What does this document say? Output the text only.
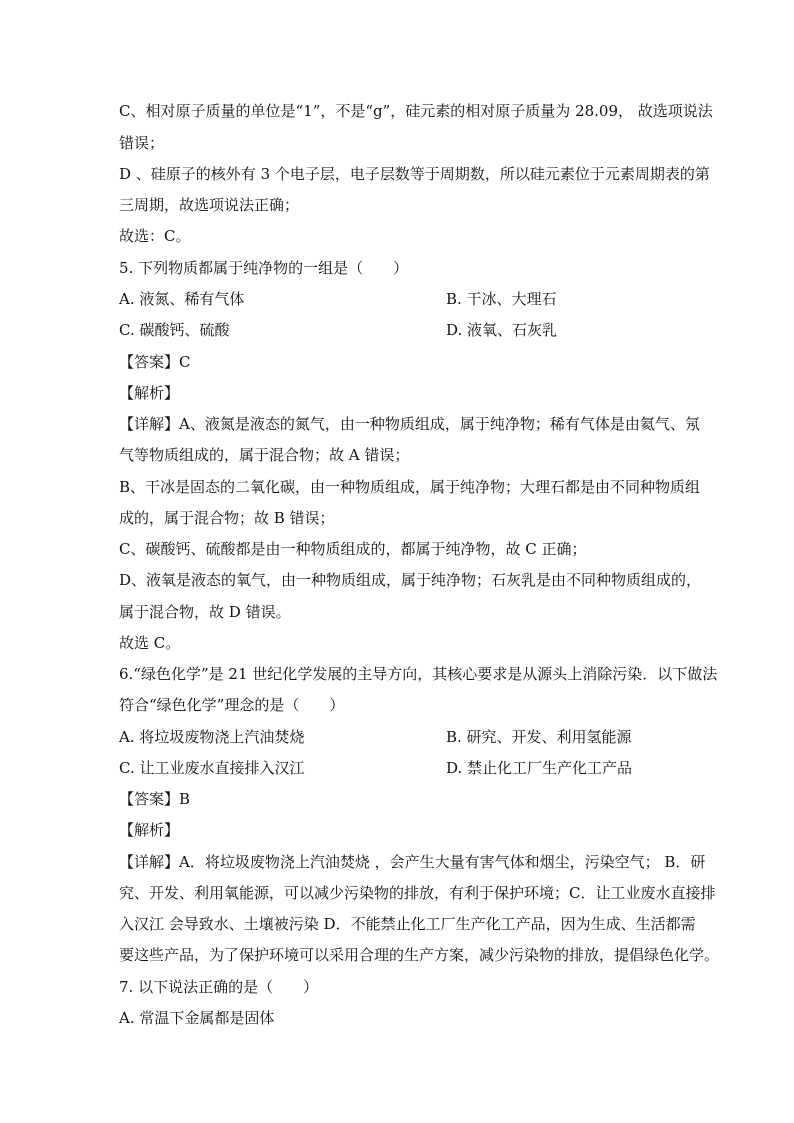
C、相对原子质量的单位是“1”，不是“g”，硅元素的相对原子质量为 28.09， 故选项说法
错误；
D 、硅原子的核外有 3 个电子层，电子层数等于周期数，所以硅元素位于元素周期表的第
三周期，故选项说法正确；
故选：C。
5. 下列物质都属于纯净物的一组是（　　）
A. 液氮、稀有气体	B. 干冰、大理石
C. 碳酸钙、硫酸	D. 液氧、石灰乳
【答案】C
【解析】
【详解】A、液氮是液态的氮气，由一种物质组成，属于纯净物；稀有气体是由氦气、氖
气等物质组成的，属于混合物；故 A 错误；
B、干冰是固态的二氧化碳，由一种物质组成，属于纯净物；大理石都是由不同种物质组
成的，属于混合物；故 B 错误；
C、碳酸钙、硫酸都是由一种物质组成的，都属于纯净物，故 C 正确；
D、液氧是液态的氧气，由一种物质组成，属于纯净物；石灰乳是由不同种物质组成的，
属于混合物，故 D 错误。
故选 C。
6.“绿色化学”是 21 世纪化学发展的主导方向，其核心要求是从源头上消除污染．以下做法
符合“绿色化学”理念的是（　　）
A. 将垃圾废物浇上汽油焚烧	B. 研究、开发、利用氢能源
C. 让工业废水直接排入汉江	D. 禁止化工厂生产化工产品
【答案】B
【解析】
【详解】A．将垃圾废物浇上汽油焚烧 ，会产生大量有害气体和烟尘，污染空气； B．研
究、开发、利用氧能源，可以减少污染物的排放，有利于保护环境；C．让工业废水直接排
入汉江 会导致水、土壤被污染 D．不能禁止化工厂生产化工产品，因为生成、生活都需
要这些产品，为了保护环境可以采用合理的生产方案，减少污染物的排放，提倡绿色化学。
7. 以下说法正确的是（　　）
A. 常温下金属都是固体
